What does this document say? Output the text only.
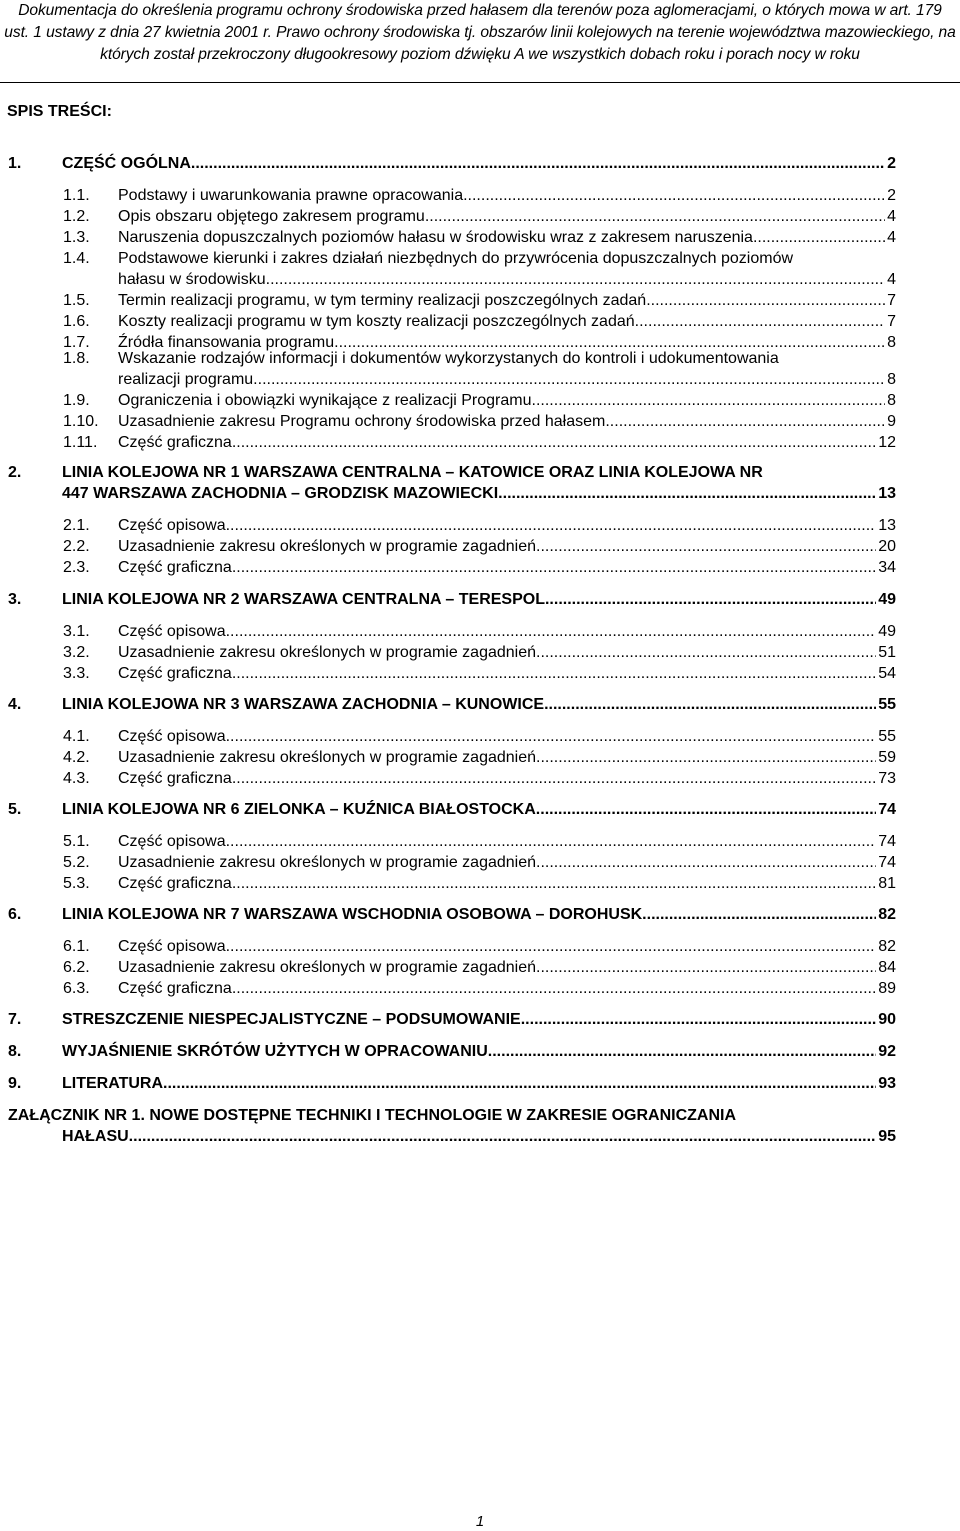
Dokumentacja do określenia programu ochrony środowiska przed hałasem dla terenów poza aglomeracjami, o których mowa w art. 179 ust. 1 ustawy z dnia 27 kwietnia 2001 r. Prawo ochrony środowiska tj. obszarów linii kolejowych na terenie województwa mazowieckiego, na których został przekroczony długookresowy poziom dźwięku A we wszystkich dobach roku i porach nocy w roku

SPIS TREŚCI:
1.	CZĘŚĆ OGÓLNA .....	2
1.1.	Podstawy i uwarunkowania prawne opracowania .....	2
1.2.	Opis obszaru objętego zakresem programu .....	4
1.3.	Naruszenia dopuszczalnych poziomów hałasu w środowisku wraz z zakresem naruszenia .....	4
1.4.	Podstawowe kierunki i zakres działań niezbędnych do przywrócenia dopuszczalnych poziomów
hałasu w środowisku .....	4
1.5.	Termin realizacji programu, w tym terminy realizacji poszczególnych zadań .....	7
1.6.	Koszty realizacji programu w tym koszty realizacji poszczególnych zadań .....	7
1.7.	Źródła finansowania programu .....	8
1.8.	Wskazanie rodzajów informacji i dokumentów wykorzystanych do kontroli i udokumentowania
realizacji programu .....	8
1.9.	Ograniczenia i obowiązki wynikające z realizacji Programu .....	8
1.10.	Uzasadnienie zakresu Programu ochrony środowiska przed hałasem .....	9
1.11.	Część graficzna .....	12
2.	LINIA KOLEJOWA NR 1 WARSZAWA CENTRALNA – KATOWICE ORAZ LINIA KOLEJOWA NR
447 WARSZAWA ZACHODNIA – GRODZISK MAZOWIECKI .....	13
2.1.	Część opisowa .....	13
2.2.	Uzasadnienie zakresu określonych w programie zagadnień .....	20
2.3.	Część graficzna .....	34
3.	LINIA KOLEJOWA NR 2 WARSZAWA CENTRALNA – TERESPOL .....	49
3.1.	Część opisowa .....	49
3.2.	Uzasadnienie zakresu określonych w programie zagadnień .....	51
3.3.	Część graficzna .....	54
4.	LINIA KOLEJOWA NR 3 WARSZAWA ZACHODNIA – KUNOWICE .....	55
4.1.	Część opisowa .....	55
4.2.	Uzasadnienie zakresu określonych w programie zagadnień .....	59
4.3.	Część graficzna .....	73
5.	LINIA KOLEJOWA NR 6 ZIELONKA – KUŹNICA BIAŁOSTOCKA .....	74
5.1.	Część opisowa .....	74
5.2.	Uzasadnienie zakresu określonych w programie zagadnień .....	74
5.3.	Część graficzna .....	81
6.	LINIA KOLEJOWA NR 7 WARSZAWA WSCHODNIA OSOBOWA – DOROHUSK .....	82
6.1.	Część opisowa .....	82
6.2.	Uzasadnienie zakresu określonych w programie zagadnień .....	84
6.3.	Część graficzna .....	89
7.	STRESZCZENIE NIESPECJALISTYCZNE – PODSUMOWANIE .....	90
8.	WYJAŚNIENIE SKRÓTÓW UŻYTYCH W OPRACOWANIU .....	92
9.	LITERATURA .....	93
ZAŁĄCZNIK NR 1. NOWE DOSTĘPNE TECHNIKI I TECHNOLOGIE W ZAKRESIE OGRANICZANIA
HAŁASU .....	95
1
